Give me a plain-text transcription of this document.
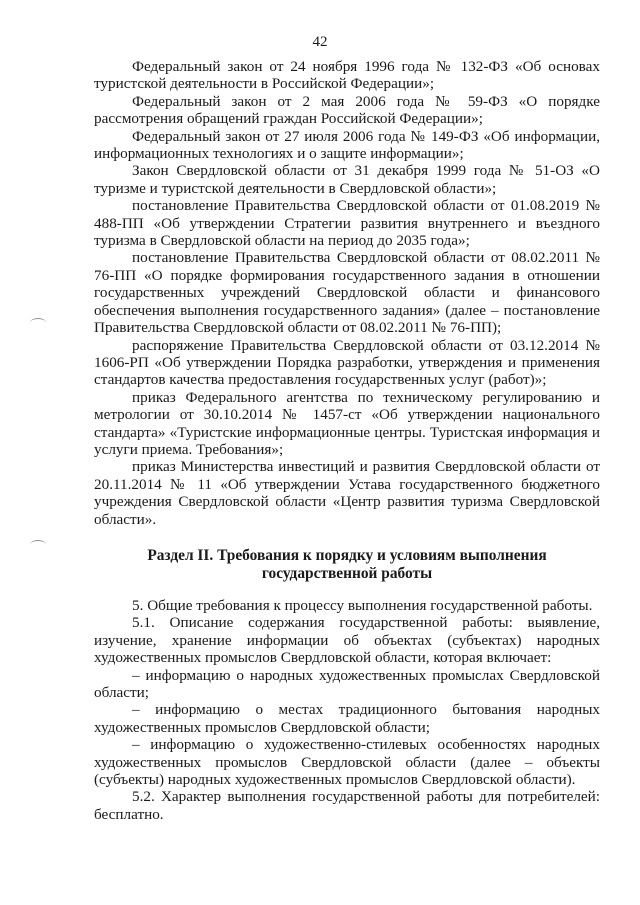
42

Федеральный закон от 24 ноября 1996 года № 132-ФЗ «Об основах туристской деятельности в Российской Федерации»;

Федеральный закон от 2 мая 2006 года № 59-ФЗ «О порядке рассмотрения обращений граждан Российской Федерации»;

Федеральный закон от 27 июля 2006 года № 149-ФЗ «Об информации, информационных технологиях и о защите информации»;

Закон Свердловской области от 31 декабря 1999 года № 51-ОЗ «О туризме и туристской деятельности в Свердловской области»;

постановление Правительства Свердловской области от 01.08.2019 № 488-ПП «Об утверждении Стратегии развития внутреннего и въездного туризма в Свердловской области на период до 2035 года»;

постановление Правительства Свердловской области от 08.02.2011 № 76-ПП «О порядке формирования государственного задания в отношении государственных учреждений Свердловской области и финансового обеспечения выполнения государственного задания» (далее – постановление Правительства Свердловской области от 08.02.2011 № 76-ПП);

распоряжение Правительства Свердловской области от 03.12.2014 № 1606-РП «Об утверждении Порядка разработки, утверждения и применения стандартов качества предоставления государственных услуг (работ)»;

приказ Федерального агентства по техническому регулированию и метрологии от 30.10.2014 № 1457-ст «Об утверждении национального стандарта» «Туристские информационные центры. Туристская информация и услуги приема. Требования»;

приказ Министерства инвестиций и развития Свердловской области от 20.11.2014 № 11 «Об утверждении Устава государственного бюджетного учреждения Свердловской области «Центр развития туризма Свердловской области».

Раздел II. Требования к порядку и условиям выполнения
государственной работы

5. Общие требования к процессу выполнения государственной работы.

5.1. Описание содержания государственной работы: выявление, изучение, хранение информации об объектах (субъектах) народных художественных промыслов Свердловской области, которая включает:

– информацию о народных художественных промыслах Свердловской области;

– информацию о местах традиционного бытования народных художественных промыслов Свердловской области;

– информацию о художественно-стилевых особенностях народных художественных промыслов Свердловской области (далее – объекты (субъекты) народных художественных промыслов Свердловской области).

5.2. Характер выполнения государственной работы для потребителей: бесплатно.
